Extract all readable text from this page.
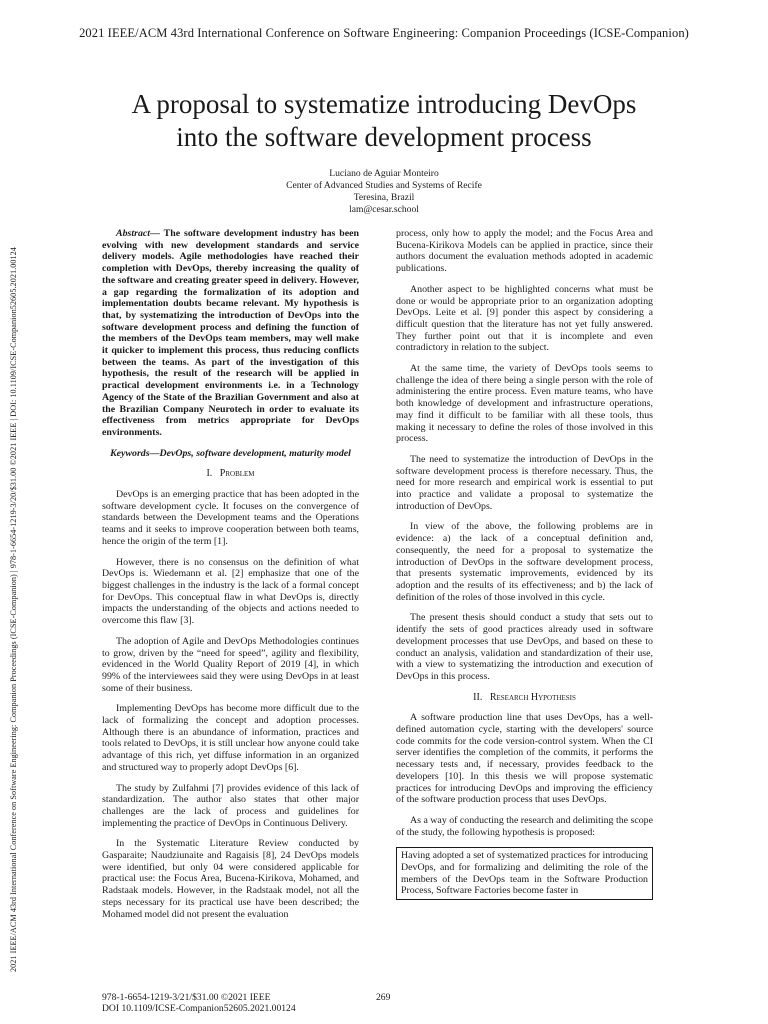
2021 IEEE/ACM 43rd International Conference on Software Engineering: Companion Proceedings (ICSE-Companion)
2021 IEEE/ACM 43rd International Conference on Software Engineering: Companion Proceedings (ICSE-Companion) | 978-1-6654-1219-3/20/$31.00 ©2021 IEEE | DOI: 10.1109/ICSE-Companion52605.2021.00124
A proposal to systematize introducing DevOps
into the software development process
Luciano de Aguiar Monteiro
Center of Advanced Studies and Systems of Recife
Teresina, Brazil
lam@cesar.school

Abstract— The software development industry has been evolving with new development standards and service delivery models. Agile methodologies have reached their completion with DevOps, thereby increasing the quality of the software and creating greater speed in delivery. However, a gap regarding the formalization of its adoption and implementation doubts became relevant. My hypothesis is that, by systematizing the introduction of DevOps into the software development process and defining the function of the members of the DevOps team members, may well make it quicker to implement this process, thus reducing conflicts between the teams. As part of the investigation of this hypothesis, the result of the research will be applied in practical development environments i.e. in a Technology Agency of the State of the Brazilian Government and also at the Brazilian Company Neurotech in order to evaluate its effectiveness from metrics appropriate for DevOps environments.

Keywords—DevOps, software development, maturity model
I. Problem

DevOps is an emerging practice that has been adopted in the software development cycle. It focuses on the convergence of standards between the Development teams and the Operations teams and it seeks to improve cooperation between both teams, hence the origin of the term [1].

However, there is no consensus on the definition of what DevOps is. Wiedemann et al. [2] emphasize that one of the biggest challenges in the industry is the lack of a formal concept for DevOps. This conceptual flaw in what DevOps is, directly impacts the understanding of the objects and actions needed to overcome this flaw [3].

The adoption of Agile and DevOps Methodologies continues to grow, driven by the “need for speed”, agility and flexibility, evidenced in the World Quality Report of 2019 [4], in which 99% of the interviewees said they were using DevOps in at least some of their business.

Implementing DevOps has become more difficult due to the lack of formalizing the concept and adoption processes. Although there is an abundance of information, practices and tools related to DevOps, it is still unclear how anyone could take advantage of this rich, yet diffuse information in an organized and structured way to properly adopt DevOps [6].

The study by Zulfahmi [7] provides evidence of this lack of standardization. The author also states that other major challenges are the lack of process and guidelines for implementing the practice of DevOps in Continuous Delivery.

In the Systematic Literature Review conducted by Gasparaite; Naudziunaite and Ragaisis [8], 24 DevOps models were identified, but only 04 were considered applicable for practical use: the Focus Area, Bucena-Kirikova, Mohamed, and Radstaak models. However, in the Radstaak model, not all the steps necessary for its practical use have been described; the Mohamed model did not present the evaluation

process, only how to apply the model; and the Focus Area and Bucena-Kirikova Models can be applied in practice, since their authors document the evaluation methods adopted in academic publications.

Another aspect to be highlighted concerns what must be done or would be appropriate prior to an organization adopting DevOps. Leite et al. [9] ponder this aspect by considering a difficult question that the literature has not yet fully answered. They further point out that it is incomplete and even contradictory in relation to the subject.

At the same time, the variety of DevOps tools seems to challenge the idea of there being a single person with the role of administering the entire process. Even mature teams, who have both knowledge of development and infrastructure operations, may find it difficult to be familiar with all these tools, thus making it necessary to define the roles of those involved in this process.

The need to systematize the introduction of DevOps in the software development process is therefore necessary. Thus, the need for more research and empirical work is essential to put into practice and validate a proposal to systematize the introduction of DevOps.

In view of the above, the following problems are in evidence: a) the lack of a conceptual definition and, consequently, the need for a proposal to systematize the introduction of DevOps in the software development process, that presents systematic improvements, evidenced by its adoption and the results of its effectiveness; and b) the lack of definition of the roles of those involved in this cycle.

The present thesis should conduct a study that sets out to identify the sets of good practices already used in software development processes that use DevOps, and based on these to conduct an analysis, validation and standardization of their use, with a view to systematizing the introduction and execution of DevOps in this process.

II. Research Hypothesis

A software production line that uses DevOps, has a well-defined automation cycle, starting with the developers' source code commits for the code version-control system. When the CI server identifies the completion of the commits, it performs the necessary tests and, if necessary, provides feedback to the developers [10]. In this thesis we will propose systematic practices for introducing DevOps and improving the efficiency of the software production process that uses DevOps.

As a way of conducting the research and delimiting the scope of the study, the following hypothesis is proposed:

Having adopted a set of systematized practices for introducing DevOps, and for formalizing and delimiting the role of the members of the DevOps team in the Software Production Process, Software Factories become faster in
978-1-6654-1219-3/21/$31.00 ©2021 IEEE
DOI 10.1109/ICSE-Companion52605.2021.00124
269
